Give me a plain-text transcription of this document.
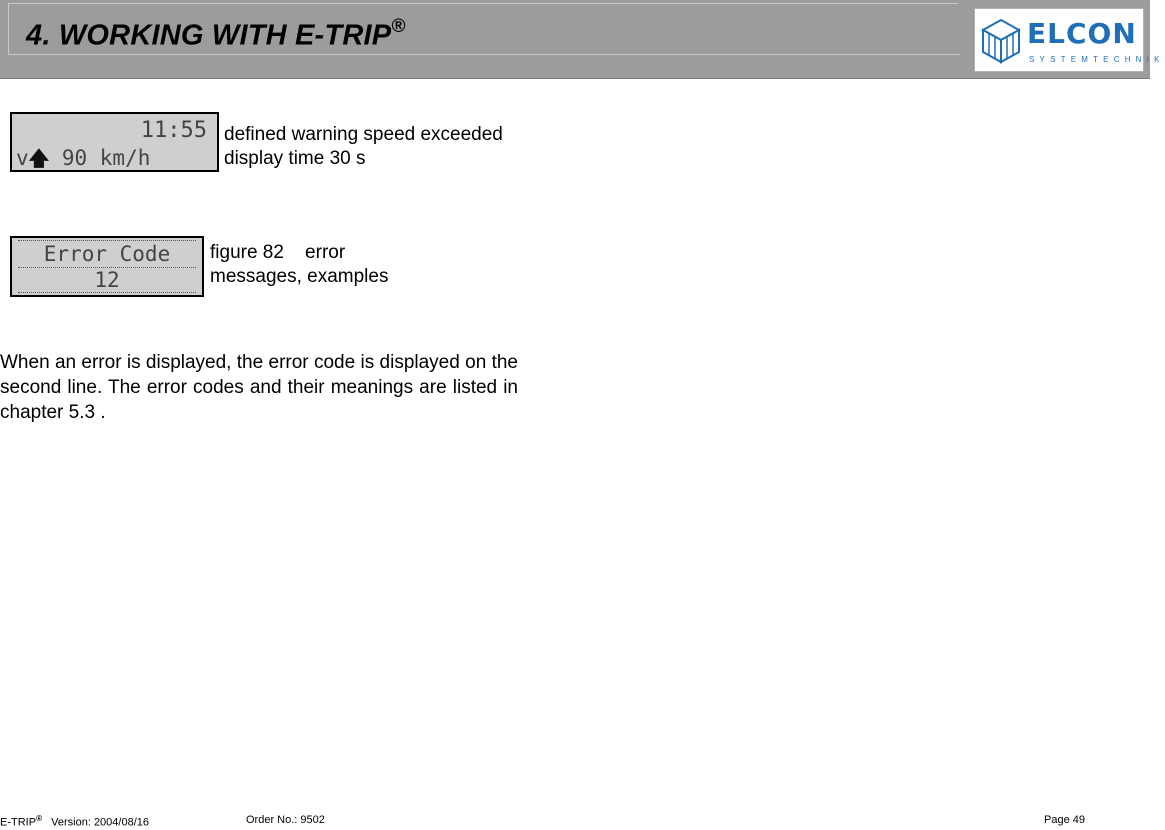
4. WORKING WITH E-TRIP®	ELCON
SYSTEMTECHNIK
11:55
v🡅 90 km/h
defined warning speed exceeded
display time 30 s
Error Code
12
figure 82    error
messages, examples
When an error is displayed, the error code is displayed on the second line. The error codes and their meanings are listed in chapter 5.3 .
E-TRIP®   Version: 2004/08/16	Order No.: 9502	Page 49
